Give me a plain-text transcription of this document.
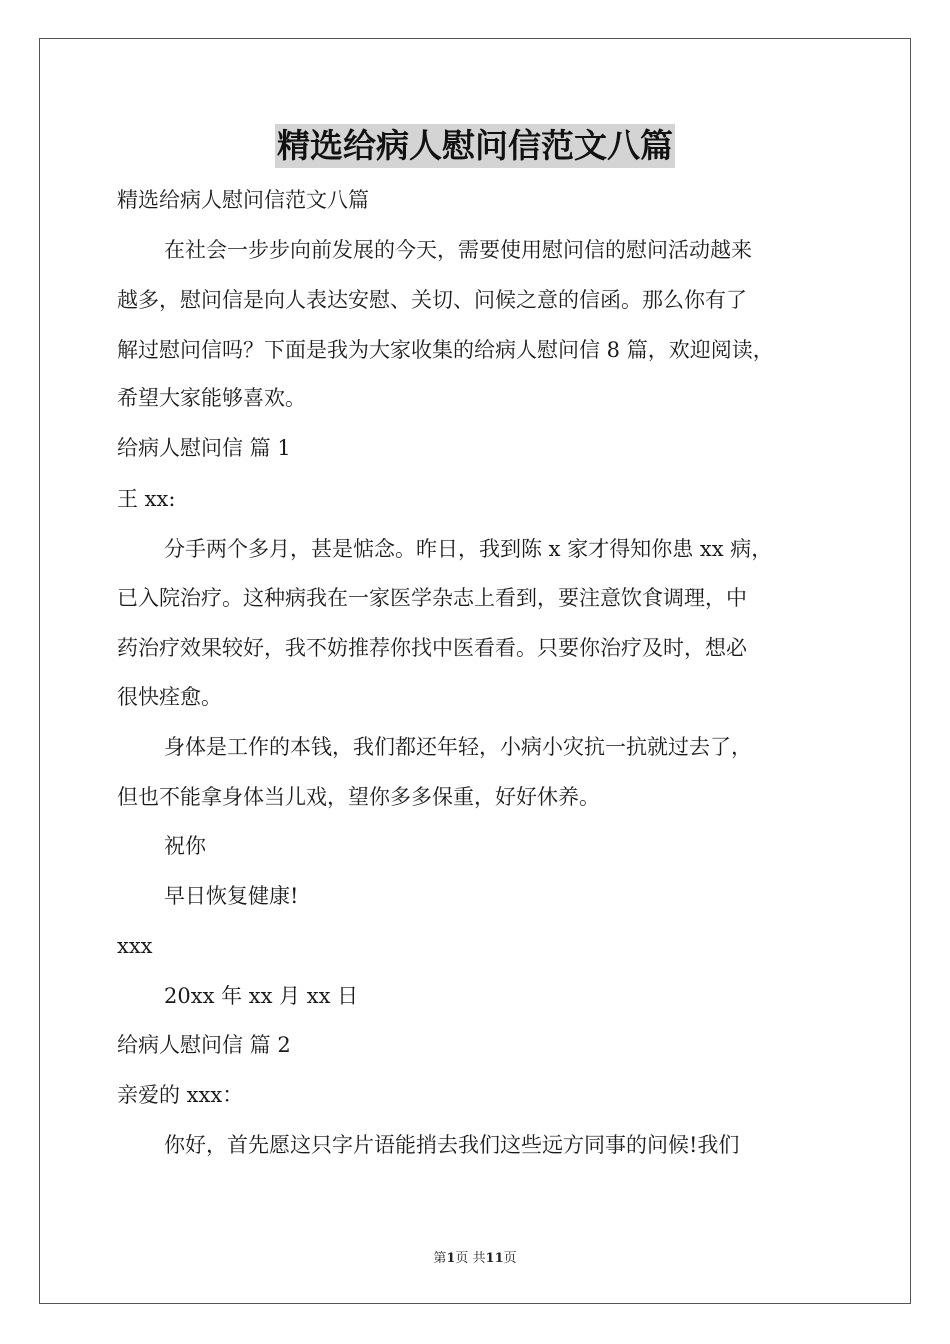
精选给病人慰问信范文八篇
精选给病人慰问信范文八篇
在社会一步步向前发展的今天，需要使用慰问信的慰问活动越来
越多，慰问信是向人表达安慰、关切、问候之意的信函。那么你有了
解过慰问信吗？下面是我为大家收集的给病人慰问信 8 篇，欢迎阅读，
希望大家能够喜欢。
给病人慰问信 篇 1
王 xx:
分手两个多月，甚是惦念。昨日，我到陈 x 家才得知你患 xx 病，
已入院治疗。这种病我在一家医学杂志上看到，要注意饮食调理，中
药治疗效果较好，我不妨推荐你找中医看看。只要你治疗及时，想必
很快痊愈。
身体是工作的本钱，我们都还年轻，小病小灾抗一抗就过去了，
但也不能拿身体当儿戏，望你多多保重，好好休养。
祝你
早日恢复健康!
xxx
20xx 年 xx 月 xx 日
给病人慰问信 篇 2
亲爱的 xxx：
你好，首先愿这只字片语能捎去我们这些远方同事的问候!我们
第1页 共11页
